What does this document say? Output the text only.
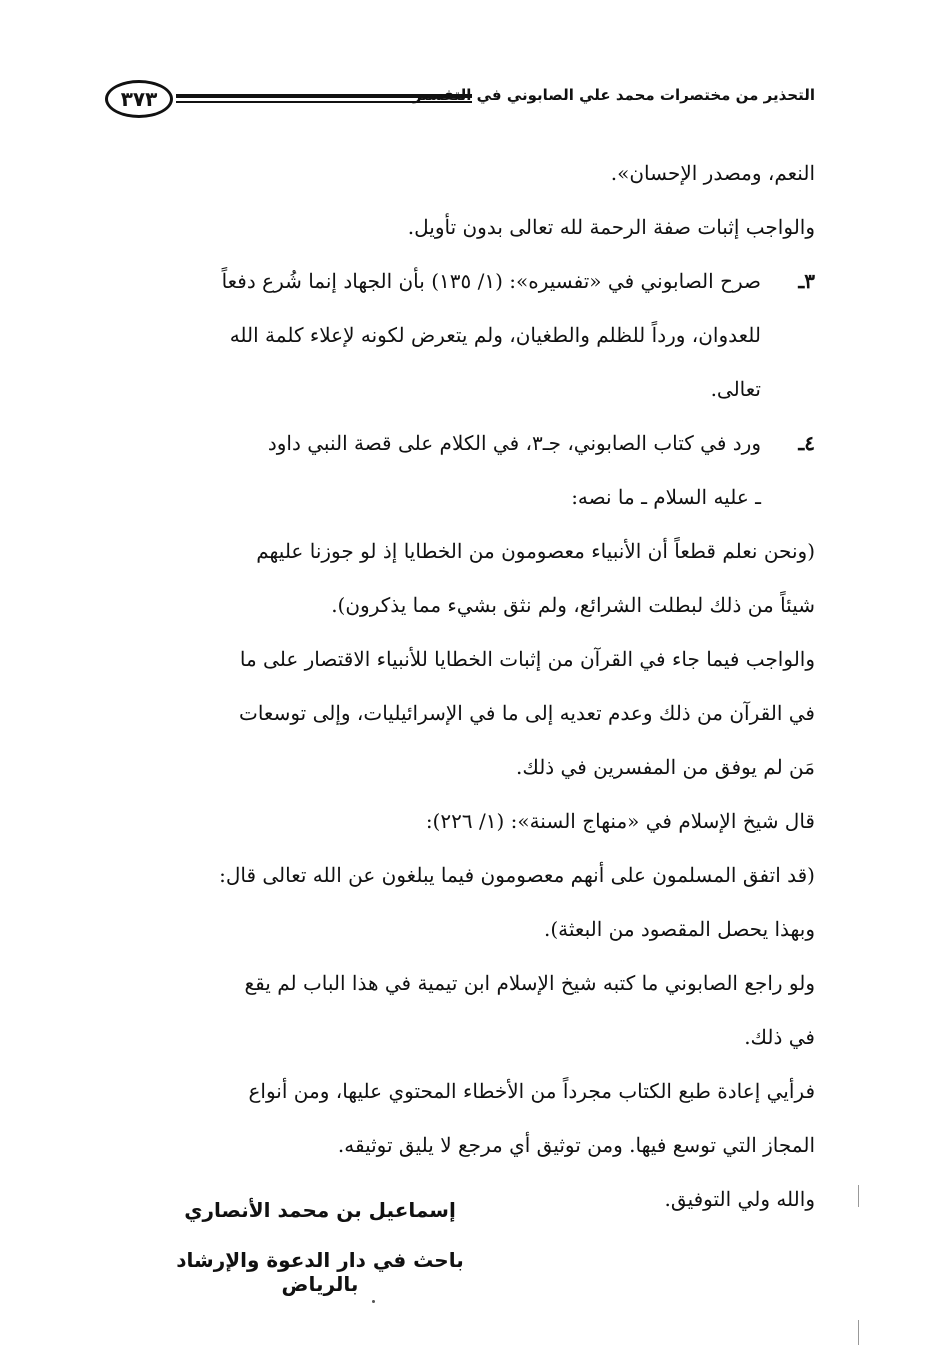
٣٧٣	التحذير من مختصرات محمد علي الصابوني في التفسير
النعم، ومصدر الإحسان».
والواجب إثبات صفة الرحمة لله تعالى بدون تأويل.
٣ـ
صرح الصابوني في «تفسيره»: (١/ ١٣٥) بأن الجهاد إنما شُرع دفعاً
للعدوان، ورداً للظلم والطغيان، ولم يتعرض لكونه لإعلاء كلمة الله
تعالى.
٤ـ
ورد في كتاب الصابوني، جـ٣، في الكلام على قصة النبي داود
ـ عليه السلام ـ ما نصه:
(ونحن نعلم قطعاً أن الأنبياء معصومون من الخطايا إذ لو جوزنا عليهم
شيئاً من ذلك لبطلت الشرائع، ولم نثق بشيء مما يذكرون).
والواجب فيما جاء في القرآن من إثبات الخطايا للأنبياء الاقتصار على ما
في القرآن من ذلك وعدم تعديه إلى ما في الإسرائيليات، وإلى توسعات
مَن لم يوفق من المفسرين في ذلك.
قال شيخ الإسلام في «منهاج السنة»: (١/ ٢٢٦):
(قد اتفق المسلمون على أنهم معصومون فيما يبلغون عن الله تعالى قال:
وبهذا يحصل المقصود من البعثة).
ولو راجع الصابوني ما كتبه شيخ الإسلام ابن تيمية في هذا الباب لم يقع
في ذلك.
فرأيي إعادة طبع الكتاب مجرداً من الأخطاء المحتوي عليها، ومن أنواع
المجاز التي توسع فيها. ومن توثيق أي مرجع لا يليق توثيقه.
والله ولي التوفيق.
إسماعيل بن محمد الأنصاري
باحث في دار الدعوة والإرشاد بالرياض
